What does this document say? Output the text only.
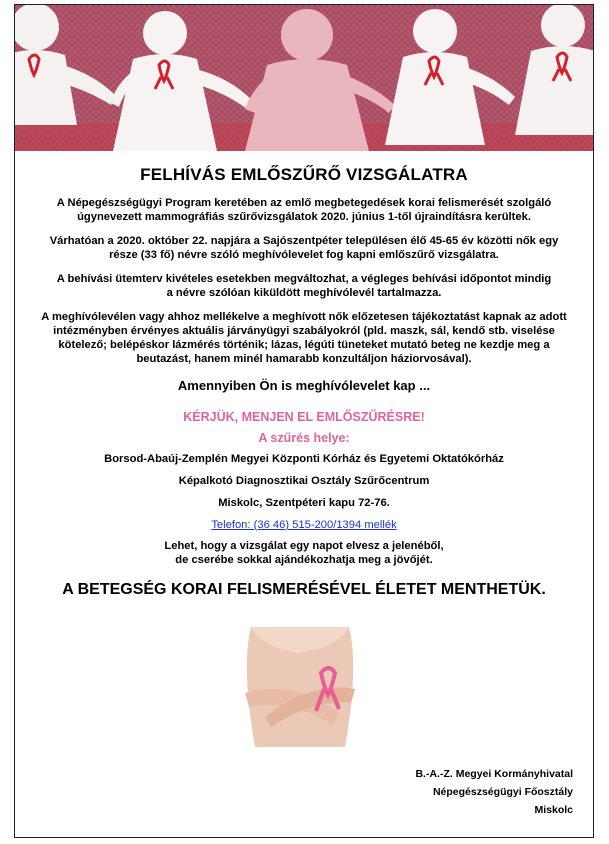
FELHÍVÁS EMLŐSZŰRŐ VIZSGÁLATRA

A Népegészségügyi Program keretében az emlő megbetegedések korai felismerését szolgáló úgynevezett mammográfiás szűrővizsgálatok 2020. június 1-től újraindításra kerültek.

Várhatóan a 2020. október 22. napjára a Sajószentpéter településen élő 45-65 év közötti nők egy része (33 fő) névre szóló meghívólevelet fog kapni emlőszűrő vizsgálatra.

A behívási ütemterv kivételes esetekben megváltozhat, a végleges behívási időpontot mindig a névre szólóan kiküldött meghívólevél tartalmazza.

A meghívólevélen vagy ahhoz mellékelve a meghívott nők előzetesen tájékoztatást kapnak az adott intézményben érvényes aktuális járványügyi szabályokról (pld. maszk, sál, kendő stb. viselése kötelező; belépéskor lázmérés történik; lázas, légúti tüneteket mutató beteg ne kezdje meg a beutazást, hanem minél hamarabb konzultáljon háziorvosával).

Amennyiben Ön is meghívólevelet kap ...
KÉRJÜK, MENJEN EL EMLŐSZŰRÉSRE!
A szűrés helye:
Borsod-Abaúj-Zemplén Megyei Központi Kórház és Egyetemi Oktatókórház
Képalkotó Diagnosztikai Osztály Szűrőcentrum
Miskolc, Szentpéteri kapu 72-76.
Telefon: (36 46) 515-200/1394 mellék
Lehet, hogy a vizsgálat egy napot elvesz a jelenéből,
de cserébe sokkal ajándékozhatja meg a jövőjét.
A BETEGSÉG KORAI FELISMERÉSÉVEL ÉLETET MENTHETÜK.
B.-A.-Z. Megyei Kormányhivatal
Népegészségügyi Főosztály
Miskolc
